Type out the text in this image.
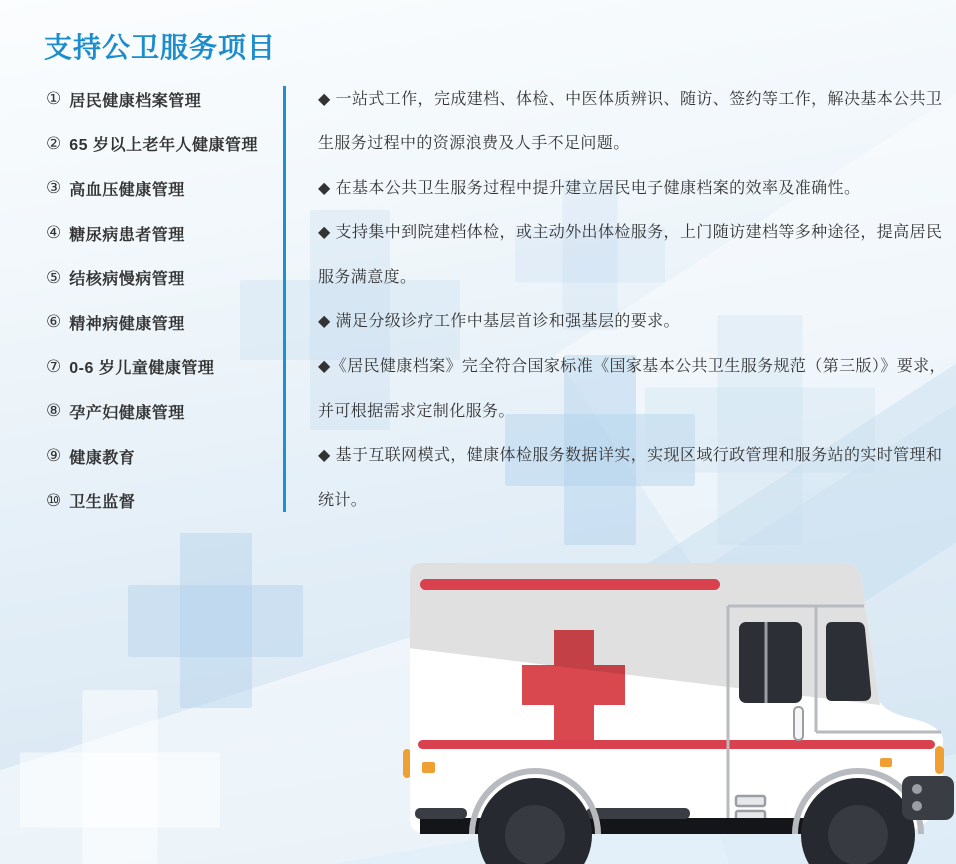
支持公卫服务项目
① 居民健康档案管理
② 65 岁以上老年人健康管理
③ 高血压健康管理
④ 糖尿病患者管理
⑤ 结核病慢病管理
⑥ 精神病健康管理
⑦ 0-6 岁儿童健康管理
⑧ 孕产妇健康管理
⑨ 健康教育
⑩ 卫生监督

◆ 一站式工作，完成建档、体检、中医体质辨识、随访、签约等工作，解决基本公共卫生服务过程中的资源浪费及人手不足问题。

◆ 在基本公共卫生服务过程中提升建立居民电子健康档案的效率及准确性。

◆ 支持集中到院建档体检，或主动外出体检服务，上门随访建档等多种途径，提高居民服务满意度。

◆ 满足分级诊疗工作中基层首诊和强基层的要求。

◆《居民健康档案》完全符合国家标准《国家基本公共卫生服务规范（第三版）》要求，并可根据需求定制化服务。

◆ 基于互联网模式，健康体检服务数据详实，实现区域行政管理和服务站的实时管理和统计。
